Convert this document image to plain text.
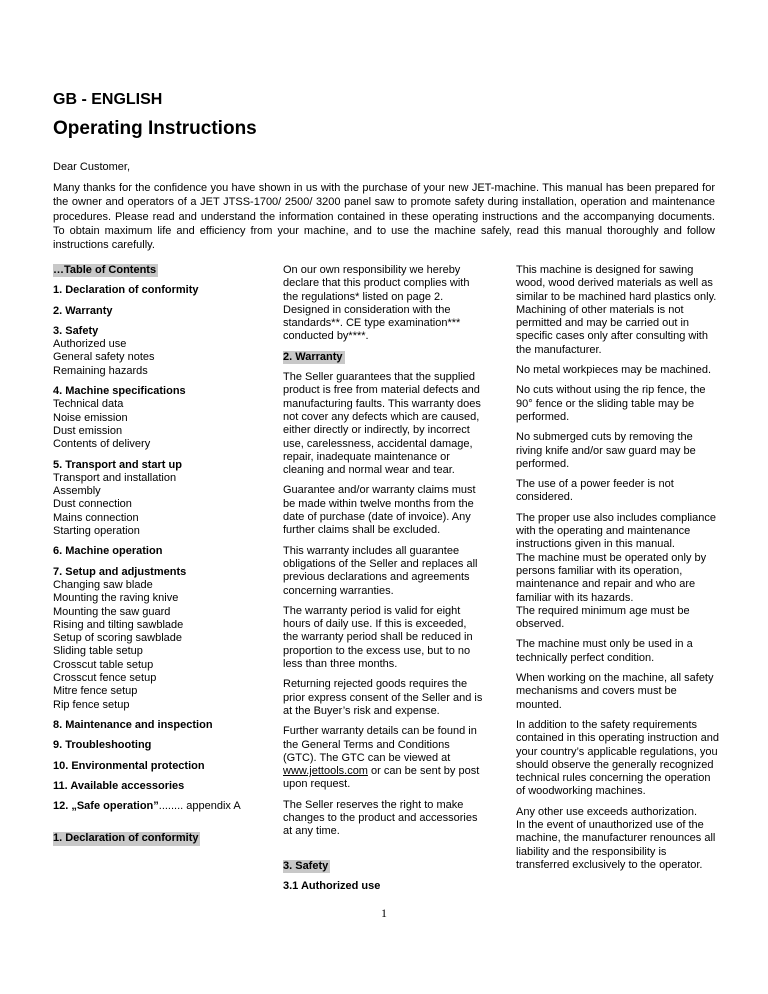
GB - ENGLISH
Operating Instructions

Dear Customer,

Many thanks for the confidence you have shown in us with the purchase of your new JET-machine. This manual has been prepared for the owner and operators of a JET JTSS-1700/ 2500/ 3200 panel saw to promote safety during installation, operation and maintenance procedures. Please read and understand the information contained in these operating instructions and the accompanying documents. To obtain maximum life and efficiency from your machine, and to use the machine safely, read this manual thoroughly and follow instructions carefully.

…Table of Contents
1. Declaration of conformity
2. Warranty
3. Safety
Authorized use
General safety notes
Remaining hazards
4. Machine specifications
Technical data
Noise emission
Dust emission
Contents of delivery
5. Transport and start up
Transport and installation
Assembly
Dust connection
Mains connection
Starting operation
6. Machine operation
7. Setup and adjustments
Changing saw blade
Mounting the raving knive
Mounting the saw guard
Rising and tilting sawblade
Setup of scoring sawblade
Sliding table setup
Crosscut table setup
Crosscut fence setup
Mitre fence setup
Rip fence setup
8. Maintenance and inspection
9. Troubleshooting
10. Environmental protection
11. Available accessories
12. „Safe operation”........ appendix A
1. Declaration of conformity

On our own responsibility we hereby declare that this product complies with the regulations* listed on page 2. Designed in consideration with the standards**. CE type examination*** conducted by****.

2. Warranty

The Seller guarantees that the supplied product is free from material defects and manufacturing faults. This warranty does not cover any defects which are caused, either directly or indirectly, by incorrect use, carelessness, accidental damage, repair, inadequate maintenance or cleaning and normal wear and tear.

Guarantee and/or warranty claims must be made within twelve months from the date of purchase (date of invoice). Any further claims shall be excluded.

This warranty includes all guarantee obligations of the Seller and replaces all previous declarations and agreements concerning warranties.

The warranty period is valid for eight hours of daily use. If this is exceeded, the warranty period shall be reduced in proportion to the excess use, but to no less than three months.

Returning rejected goods requires the prior express consent of the Seller and is at the Buyer’s risk and expense.

Further warranty details can be found in the General Terms and Conditions (GTC). The GTC can be viewed at www.jettools.com or can be sent by post upon request.

The Seller reserves the right to make changes to the product and accessories at any time.

3. Safety

3.1 Authorized use

This machine is designed for sawing wood, wood derived materials as well as similar to be machined hard plastics only.
Machining of other materials is not permitted and may be carried out in specific cases only after consulting with the manufacturer.

No metal workpieces may be machined.

No cuts without using the rip fence, the 90° fence or the sliding table may be performed.

No submerged cuts by removing the riving knife and/or saw guard may be performed.

The use of a power feeder is not considered.

The proper use also includes compliance with the operating and maintenance instructions given in this manual.
The machine must be operated only by persons familiar with its operation, maintenance and repair and who are familiar with its hazards.
The required minimum age must be observed.

The machine must only be used in a technically perfect condition.

When working on the machine, all safety mechanisms and covers must be mounted.

In addition to the safety requirements contained in this operating instruction and your country’s applicable regulations, you should observe the generally recognized technical rules concerning the operation of woodworking machines.

Any other use exceeds authorization.
In the event of unauthorized use of the machine, the manufacturer renounces all liability and the responsibility is transferred exclusively to the operator.

1
